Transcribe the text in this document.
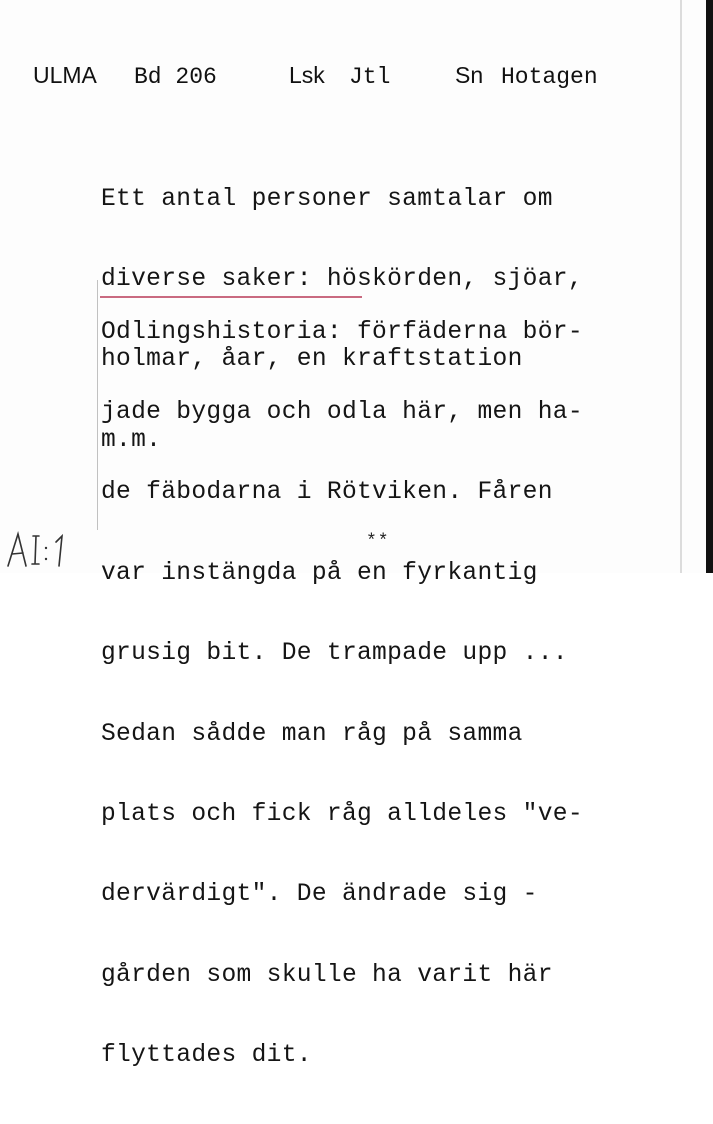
ULMA Bd 206	Lsk Jtl	Sn Hotagen

Ett antal personer samtalar om

diverse saker: höskörden, sjöar,

holmar, åar, en kraftstation

m.m.

Odlingshistoria: förfäderna bör-

jade bygga och odla här, men ha-

de fäbodarna i Rötviken. Fåren

var instängda på en fyrkantig

grusig bit. De trampade upp ...

Sedan sådde man råg på samma

plats och fick råg alldeles "ve-

dervärdigt". De ändrade sig -

gården som skulle ha varit här

flyttades dit.

**
